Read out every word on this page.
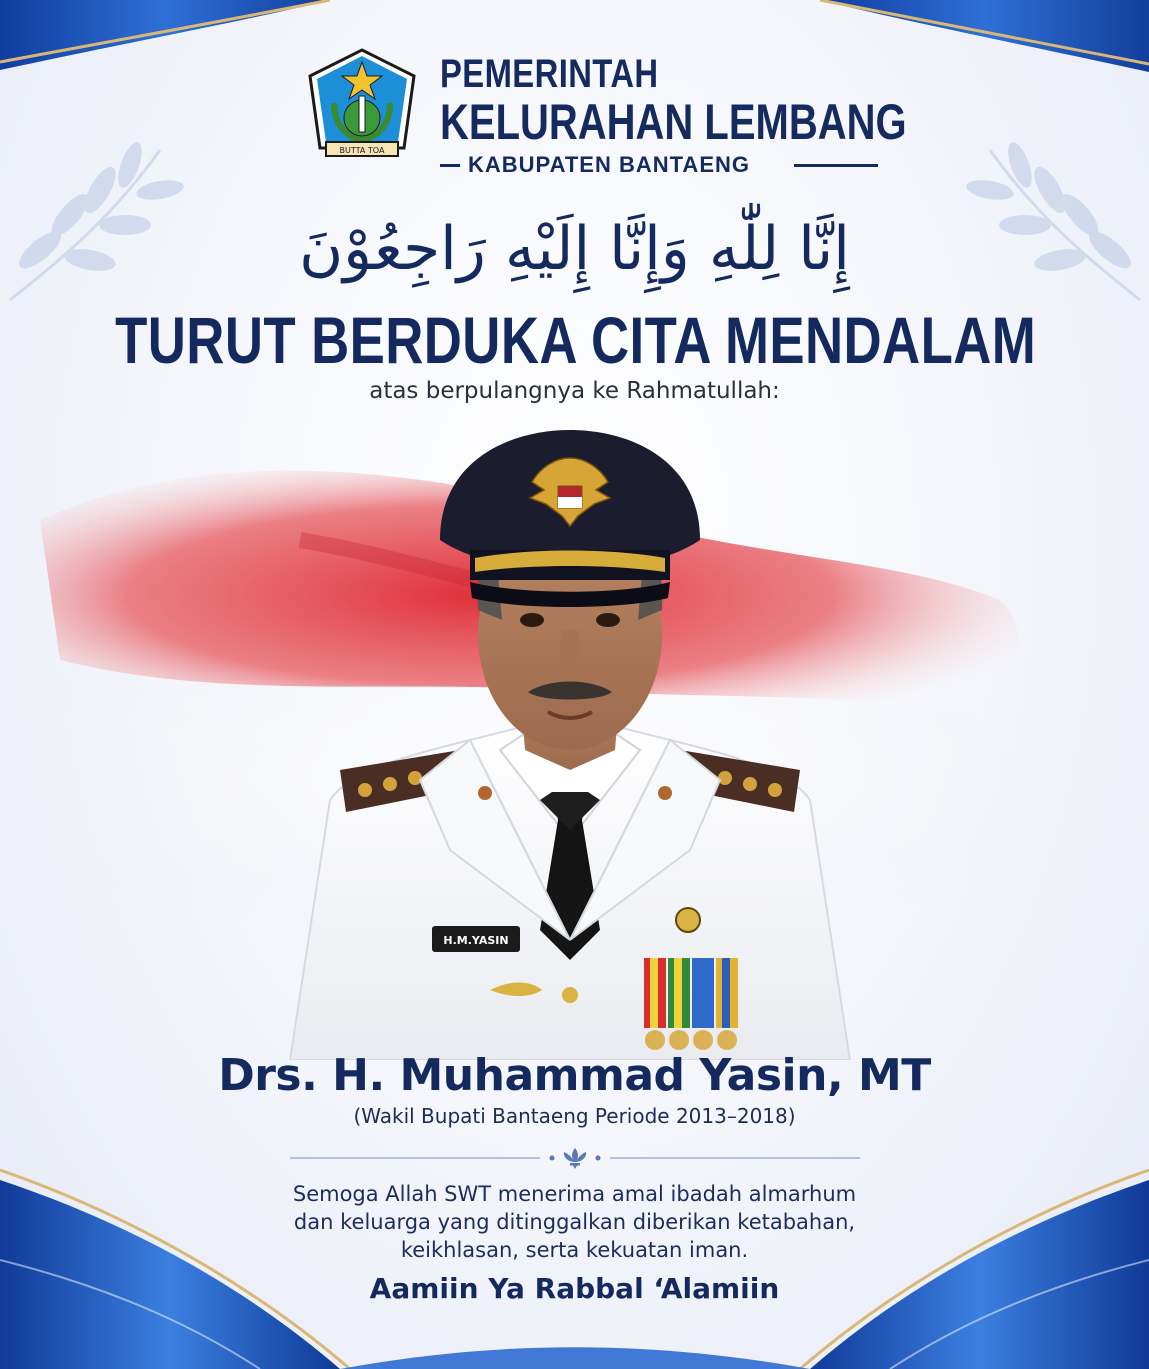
BUTTA TOA
PEMERINTAH
KELURAHAN LEMBANG
KABUPATEN BANTAENG
إِنَّا لِلّٰهِ وَإِنَّا إِلَيْهِ رَاجِعُوْنَ
TURUT BERDUKA CITA MENDALAM
atas berpulangnya ke Rahmatullah:
H.M.YASIN
Drs. H. Muhammad Yasin, MT
(Wakil Bupati Bantaeng Periode 2013–2018)
Semoga Allah SWT menerima amal ibadah almarhum
dan keluarga yang ditinggalkan diberikan ketabahan,
keikhlasan, serta kekuatan iman.
Aamiin Ya Rabbal ‘Alamiin
